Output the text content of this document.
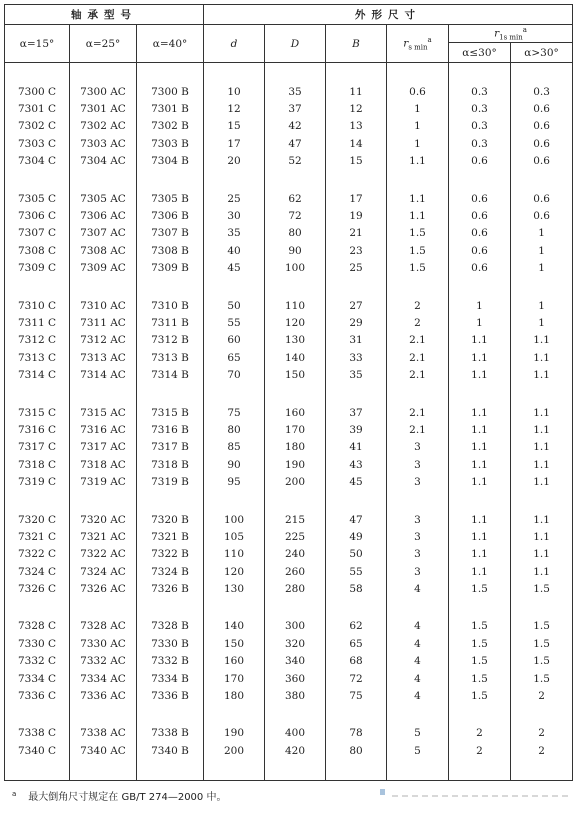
轴承型号			外形尺寸					
α=15°	α=25°	α=40°	d	D	B	$r_{s min}^a$	$r_{1s min}^a$
							α≤30°	α>30°

7300 C	7300 AC	7300 B	10	35	11	0.6	0.3	0.3
7301 C	7301 AC	7301 B	12	37	12	1	0.3	0.6
7302 C	7302 AC	7302 B	15	42	13	1	0.3	0.6
7303 C	7303 AC	7303 B	17	47	14	1	0.3	0.6
7304 C	7304 AC	7304 B	20	52	15	1.1	0.6	0.6

7305 C	7305 AC	7305 B	25	62	17	1.1	0.6	0.6
7306 C	7306 AC	7306 B	30	72	19	1.1	0.6	0.6
7307 C	7307 AC	7307 B	35	80	21	1.5	0.6	1
7308 C	7308 AC	7308 B	40	90	23	1.5	0.6	1
7309 C	7309 AC	7309 B	45	100	25	1.5	0.6	1

7310 C	7310 AC	7310 B	50	110	27	2	1	1
7311 C	7311 AC	7311 B	55	120	29	2	1	1
7312 C	7312 AC	7312 B	60	130	31	2.1	1.1	1.1
7313 C	7313 AC	7313 B	65	140	33	2.1	1.1	1.1
7314 C	7314 AC	7314 B	70	150	35	2.1	1.1	1.1

7315 C	7315 AC	7315 B	75	160	37	2.1	1.1	1.1
7316 C	7316 AC	7316 B	80	170	39	2.1	1.1	1.1
7317 C	7317 AC	7317 B	85	180	41	3	1.1	1.1
7318 C	7318 AC	7318 B	90	190	43	3	1.1	1.1
7319 C	7319 AC	7319 B	95	200	45	3	1.1	1.1

7320 C	7320 AC	7320 B	100	215	47	3	1.1	1.1
7321 C	7321 AC	7321 B	105	225	49	3	1.1	1.1
7322 C	7322 AC	7322 B	110	240	50	3	1.1	1.1
7324 C	7324 AC	7324 B	120	260	55	3	1.1	1.1
7326 C	7326 AC	7326 B	130	280	58	4	1.5	1.5

7328 C	7328 AC	7328 B	140	300	62	4	1.5	1.5
7330 C	7330 AC	7330 B	150	320	65	4	1.5	1.5
7332 C	7332 AC	7332 B	160	340	68	4	1.5	1.5
7334 C	7334 AC	7334 B	170	360	72	4	1.5	1.5
7336 C	7336 AC	7336 B	180	380	75	4	1.5	2

7338 C	7338 AC	7338 B	190	400	78	5	2	2
7340 C	7340 AC	7340 B	200	420	80	5	2	2

$^a$ 最大倒角尺寸规定在 GB/T 274—2000 中。
